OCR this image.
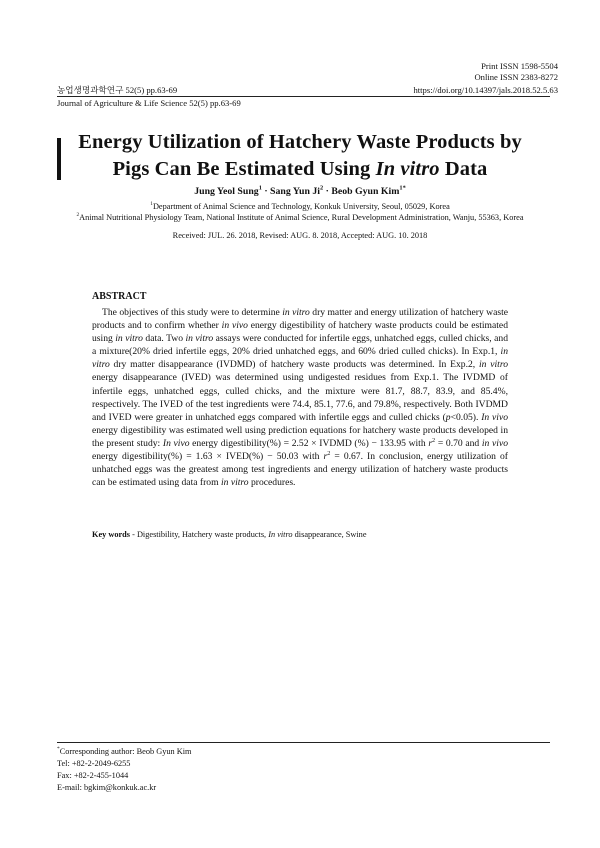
Print ISSN 1598-5504
Online ISSN 2383-8272
농업생명과학연구 52(5) pp.63-69	https://doi.org/10.14397/jals.2018.52.5.63
Journal of Agriculture & Life Science 52(5) pp.63-69
Energy Utilization of Hatchery Waste Products by
Pigs Can Be Estimated Using In vitro Data
Jung Yeol Sung$^1$ · Sang Yun $Ji^2$ · Beob Gyun Kim$^{1*}$
$^1$Department of Animal Science and Technology, Konkuk University, Seoul, 05029, Korea
$^2$Animal Nutritional Physiology Team, National Institute of Animal Science, Rural Development Administration, Wanju, 55363, Korea
Received: JUL. 26. 2018, Revised: AUG. 8. 2018, Accepted: AUG. 10. 2018
ABSTRACT
The objectives of this study were to determine in vitro dry matter and energy utilization of hatchery waste products and to confirm whether in vivo energy digestibility of hatchery waste products could be estimated using in vitro data. Two in vitro assays were conducted for infertile eggs, unhatched eggs, culled chicks, and a mixture(20% dried infertile eggs, 20% dried unhatched eggs, and 60% dried culled chicks). In Exp.1, in vitro dry matter disappearance (IVDMD) of hatchery waste products was determined. In Exp.2, in vitro energy disappearance (IVED) was determined using undigested residues from Exp.1. The IVDMD of infertile eggs, unhatched eggs, culled chicks, and the mixture were 81.7, 88.7, 83.9, and 85.4%, respectively. The IVED of the test ingredients were 74.4, 85.1, 77.6, and 79.8%, respectively. Both IVDMD and IVED were greater in unhatched eggs compared with infertile eggs and culled chicks (p<0.05). In vivo energy digestibility was estimated well using prediction equations for hatchery waste products developed in the present study: In vivo energy digestibility(%) = 2.52 × IVDMD (%) − 133.95 with $r^2 = 0.70$ and in vivo energy digestibility(%) = 1.63 × IVED(%) − 50.03 with $r^2 = 0.67$. In conclusion, energy utilization of unhatched eggs was the greatest among test ingredients and energy utilization of hatchery waste products can be estimated using data from in vitro procedures.
Key words - Digestibility, Hatchery waste products, In vitro disappearance, Swine
*Corresponding author: Beob Gyun Kim
Tel: +82-2-2049-6255
Fax: +82-2-455-1044
E-mail: bgkim@konkuk.ac.kr
